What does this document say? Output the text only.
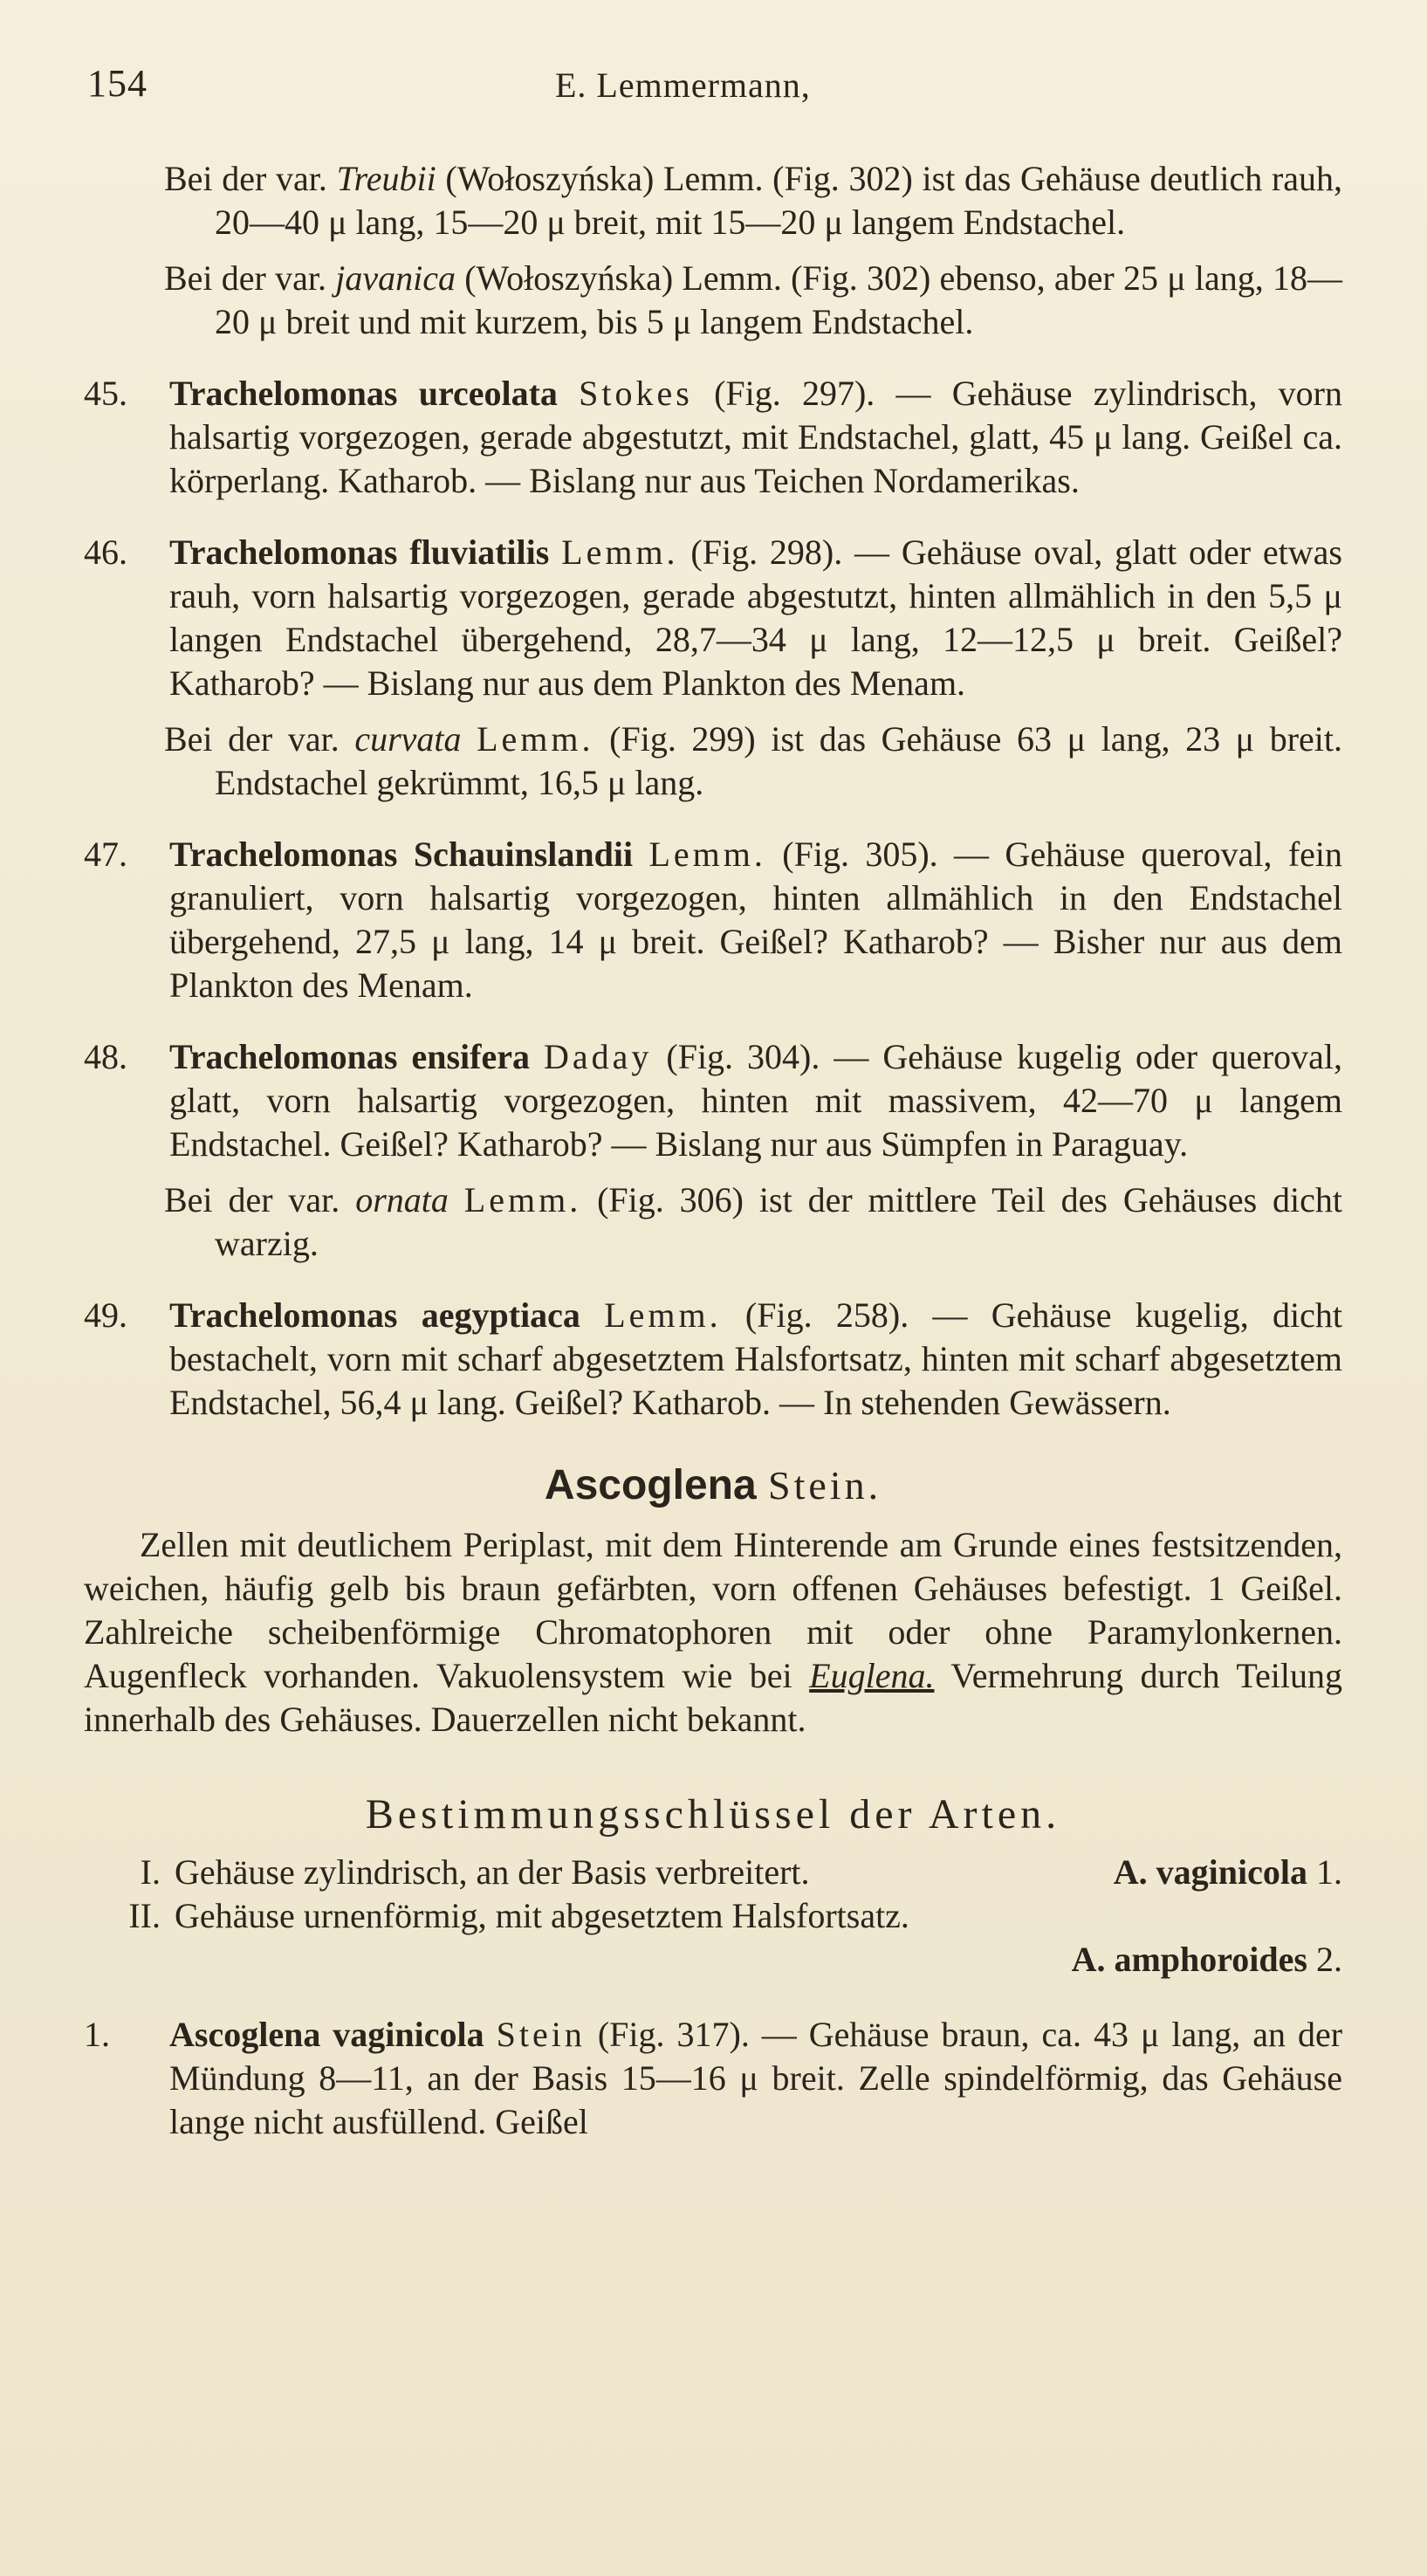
154	E. Lemmermann,

Bei der var. Treubii (Wołoszyńska) Lemm. (Fig. 302) ist das Gehäuse deutlich rauh, 20—40 μ lang, 15—20 μ breit, mit 15—20 μ langem Endstachel.

Bei der var. javanica (Wołoszyńska) Lemm. (Fig. 302) ebenso, aber 25 μ lang, 18—20 μ breit und mit kurzem, bis 5 μ langem Endstachel.

45. Trachelomonas urceolata Stokes (Fig. 297). — Gehäuse zylindrisch, vorn halsartig vorgezogen, gerade abgestutzt, mit Endstachel, glatt, 45 μ lang. Geißel ca. körperlang. Katharob. — Bislang nur aus Teichen Nordamerikas.

46. Trachelomonas fluviatilis Lemm. (Fig. 298). — Gehäuse oval, glatt oder etwas rauh, vorn halsartig vorgezogen, gerade abgestutzt, hinten allmählich in den 5,5 μ langen Endstachel übergehend, 28,7—34 μ lang, 12—12,5 μ breit. Geißel? Katharob? — Bislang nur aus dem Plankton des Menam.

Bei der var. curvata Lemm. (Fig. 299) ist das Gehäuse 63 μ lang, 23 μ breit. Endstachel gekrümmt, 16,5 μ lang.

47. Trachelomonas Schauinslandii Lemm. (Fig. 305). — Gehäuse queroval, fein granuliert, vorn halsartig vorgezogen, hinten allmählich in den Endstachel übergehend, 27,5 μ lang, 14 μ breit. Geißel? Katharob? — Bisher nur aus dem Plankton des Menam.

48. Trachelomonas ensifera Daday (Fig. 304). — Gehäuse kugelig oder queroval, glatt, vorn halsartig vorgezogen, hinten mit massivem, 42—70 μ langem Endstachel. Geißel? Katharob? — Bislang nur aus Sümpfen in Paraguay.

Bei der var. ornata Lemm. (Fig. 306) ist der mittlere Teil des Gehäuses dicht warzig.

49. Trachelomonas aegyptiaca Lemm. (Fig. 258). — Gehäuse kugelig, dicht bestachelt, vorn mit scharf abgesetztem Halsfortsatz, hinten mit scharf abgesetztem Endstachel, 56,4 μ lang. Geißel? Katharob. — In stehenden Gewässern.

Ascoglena Stein.

Zellen mit deutlichem Periplast, mit dem Hinterende am Grunde eines festsitzenden, weichen, häufig gelb bis braun gefärbten, vorn offenen Gehäuses befestigt. 1 Geißel. Zahlreiche scheibenförmige Chromatophoren mit oder ohne Paramylonkernen. Augenfleck vorhanden. Vakuolensystem wie bei Euglena. Vermehrung durch Teilung innerhalb des Gehäuses. Dauerzellen nicht bekannt.

Bestimmungsschlüssel der Arten.
I. Gehäuse zylindrisch, an der Basis verbreitert.	A. vaginicola 1.
II. Gehäuse urnenförmig, mit abgesetztem Halsfortsatz.
A. amphoroides 2.

1. Ascoglena vaginicola Stein (Fig. 317). — Gehäuse braun, ca. 43 μ lang, an der Mündung 8—11, an der Basis 15—16 μ breit. Zelle spindelförmig, das Gehäuse lange nicht ausfüllend. Geißel
